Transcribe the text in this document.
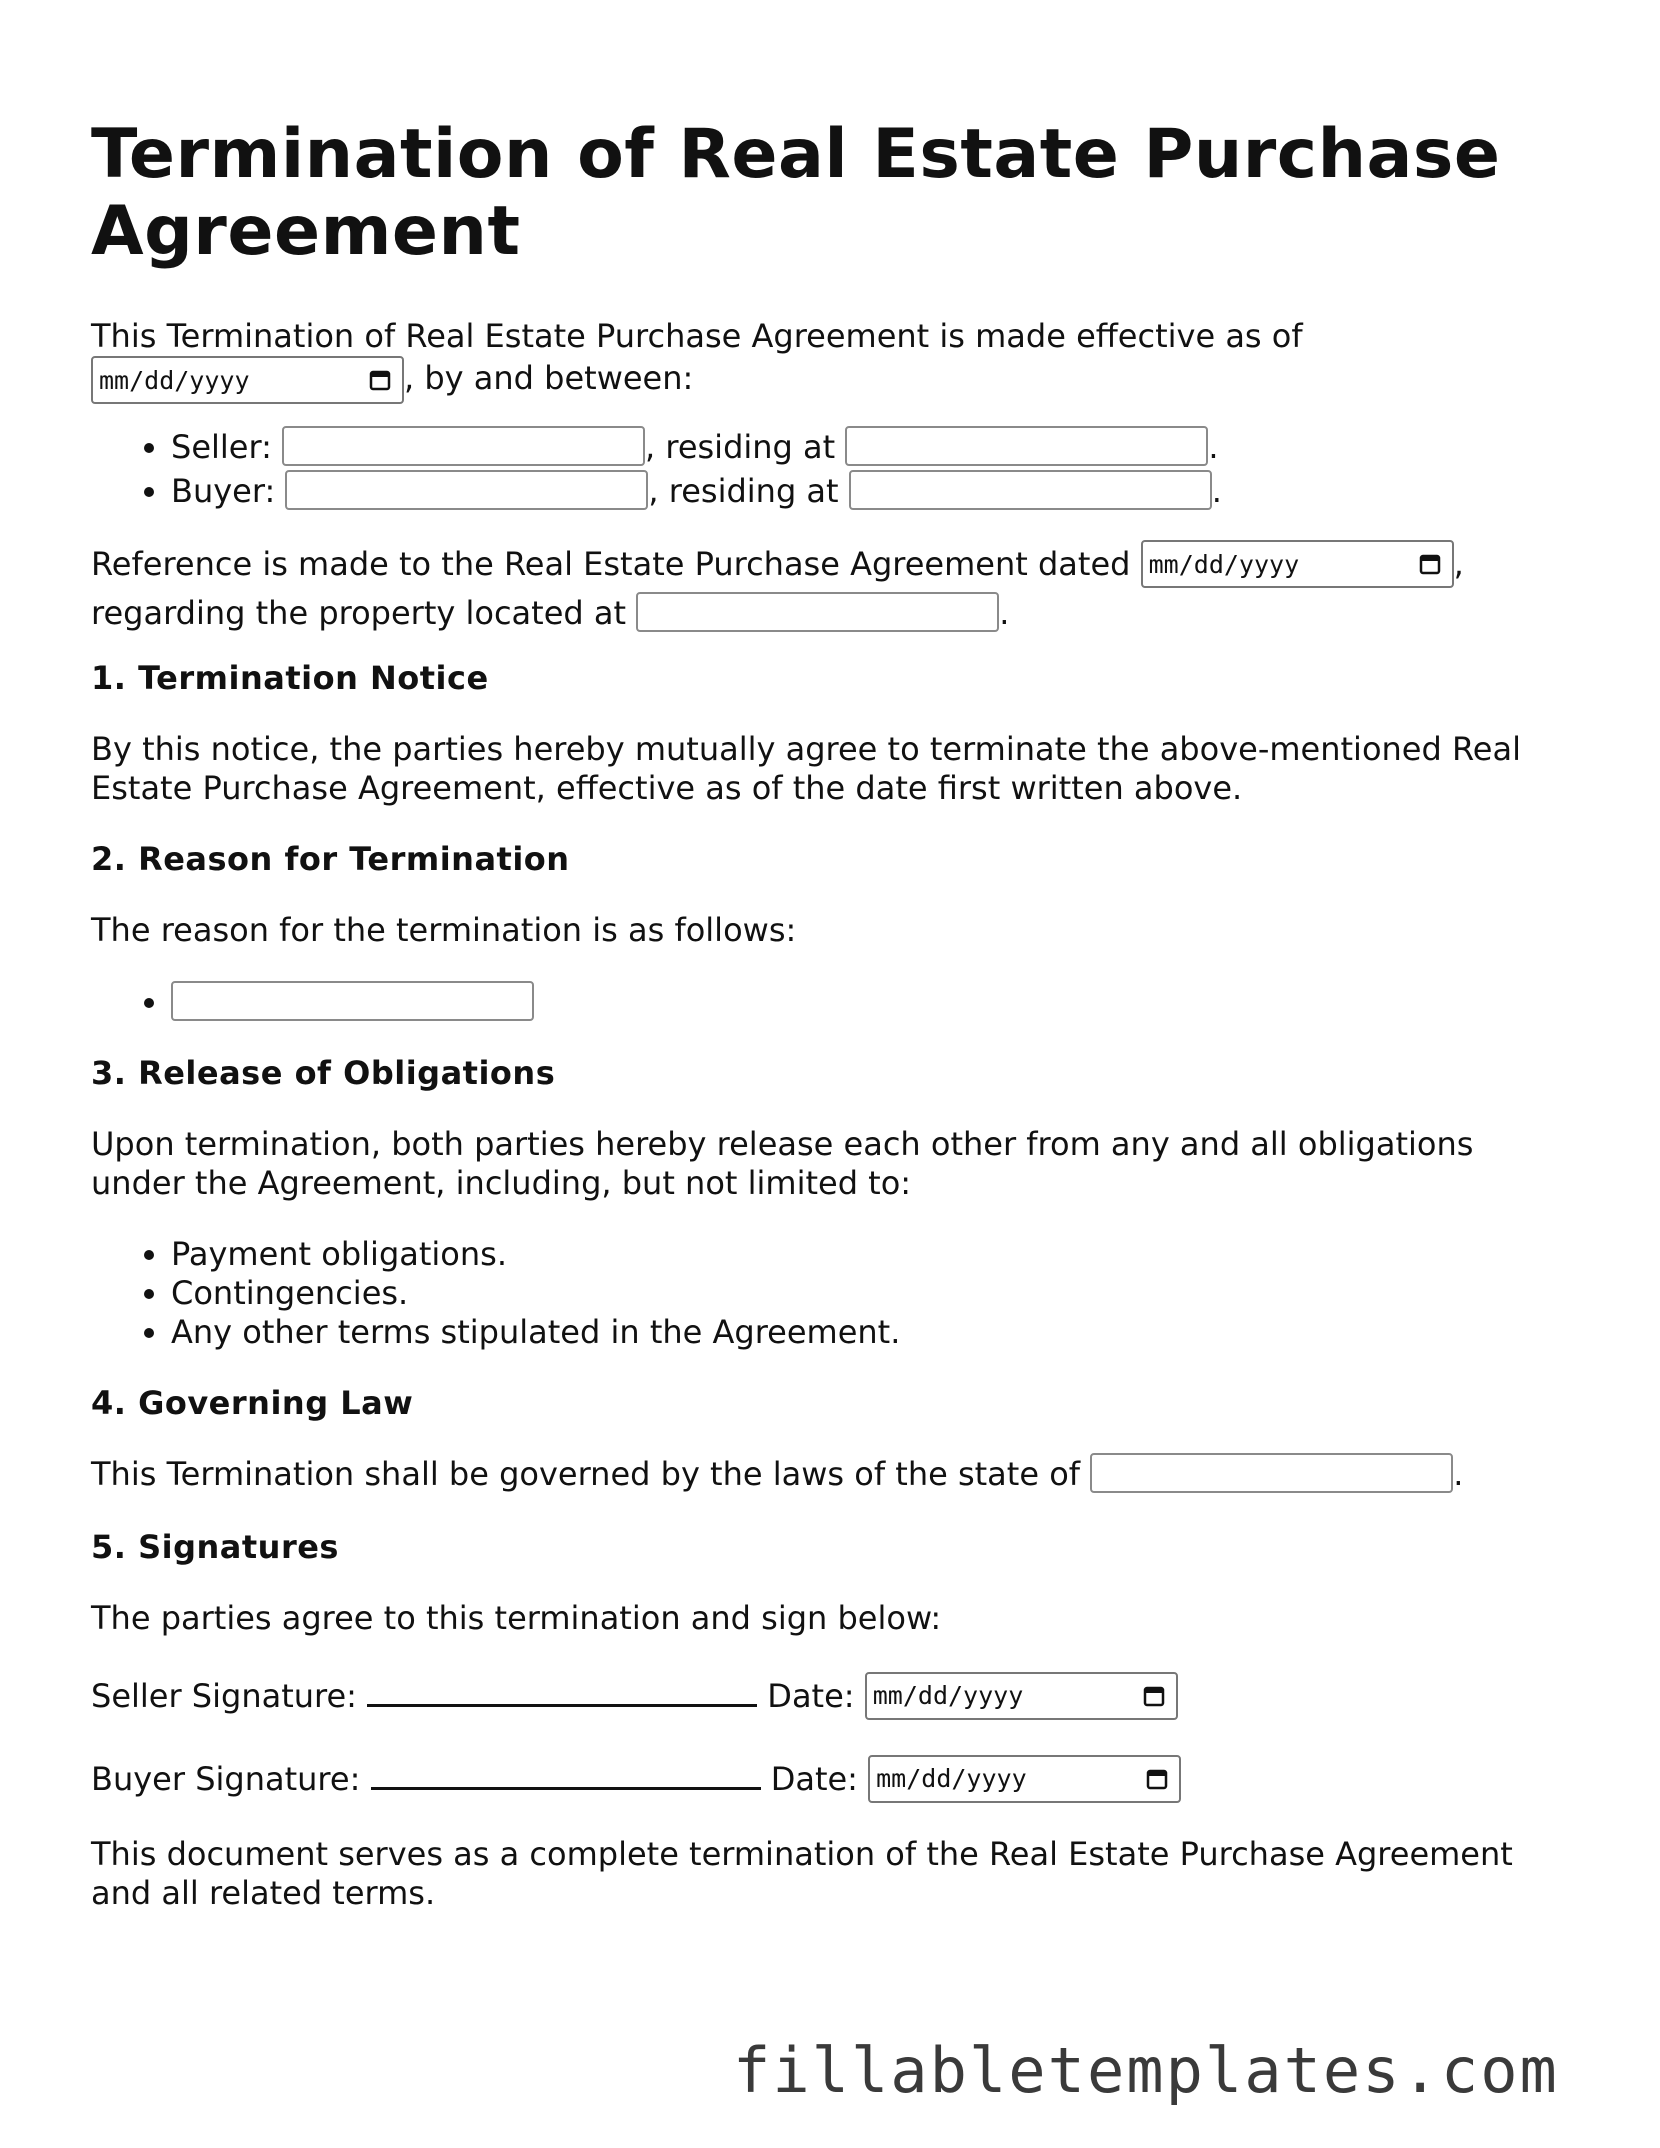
Termination of Real Estate Purchase Agreement

This Termination of Real Estate Purchase Agreement is made effective as of

mm/dd/yyyy	, by and between:

• Seller:	, residing at	.
• Buyer:	, residing at	.

Reference is made to the Real Estate Purchase Agreement dated mm/dd/yyyy	,
regarding the property located at	.

1. Termination Notice

By this notice, the parties hereby mutually agree to terminate the above-mentioned Real Estate Purchase Agreement, effective as of the date first written above.

2. Reason for Termination

The reason for the termination is as follows:

•
3. Release of Obligations

Upon termination, both parties hereby release each other from any and all obligations under the Agreement, including, but not limited to:

• Payment obligations.
• Contingencies.
• Any other terms stipulated in the Agreement.
4. Governing Law

This Termination shall be governed by the laws of the state of	.

5. Signatures

The parties agree to this termination and sign below:

Seller Signature:	Date: mm/dd/yyyy

Buyer Signature:	Date: mm/dd/yyyy

This document serves as a complete termination of the Real Estate Purchase Agreement and all related terms.

fillabletemplates.com
